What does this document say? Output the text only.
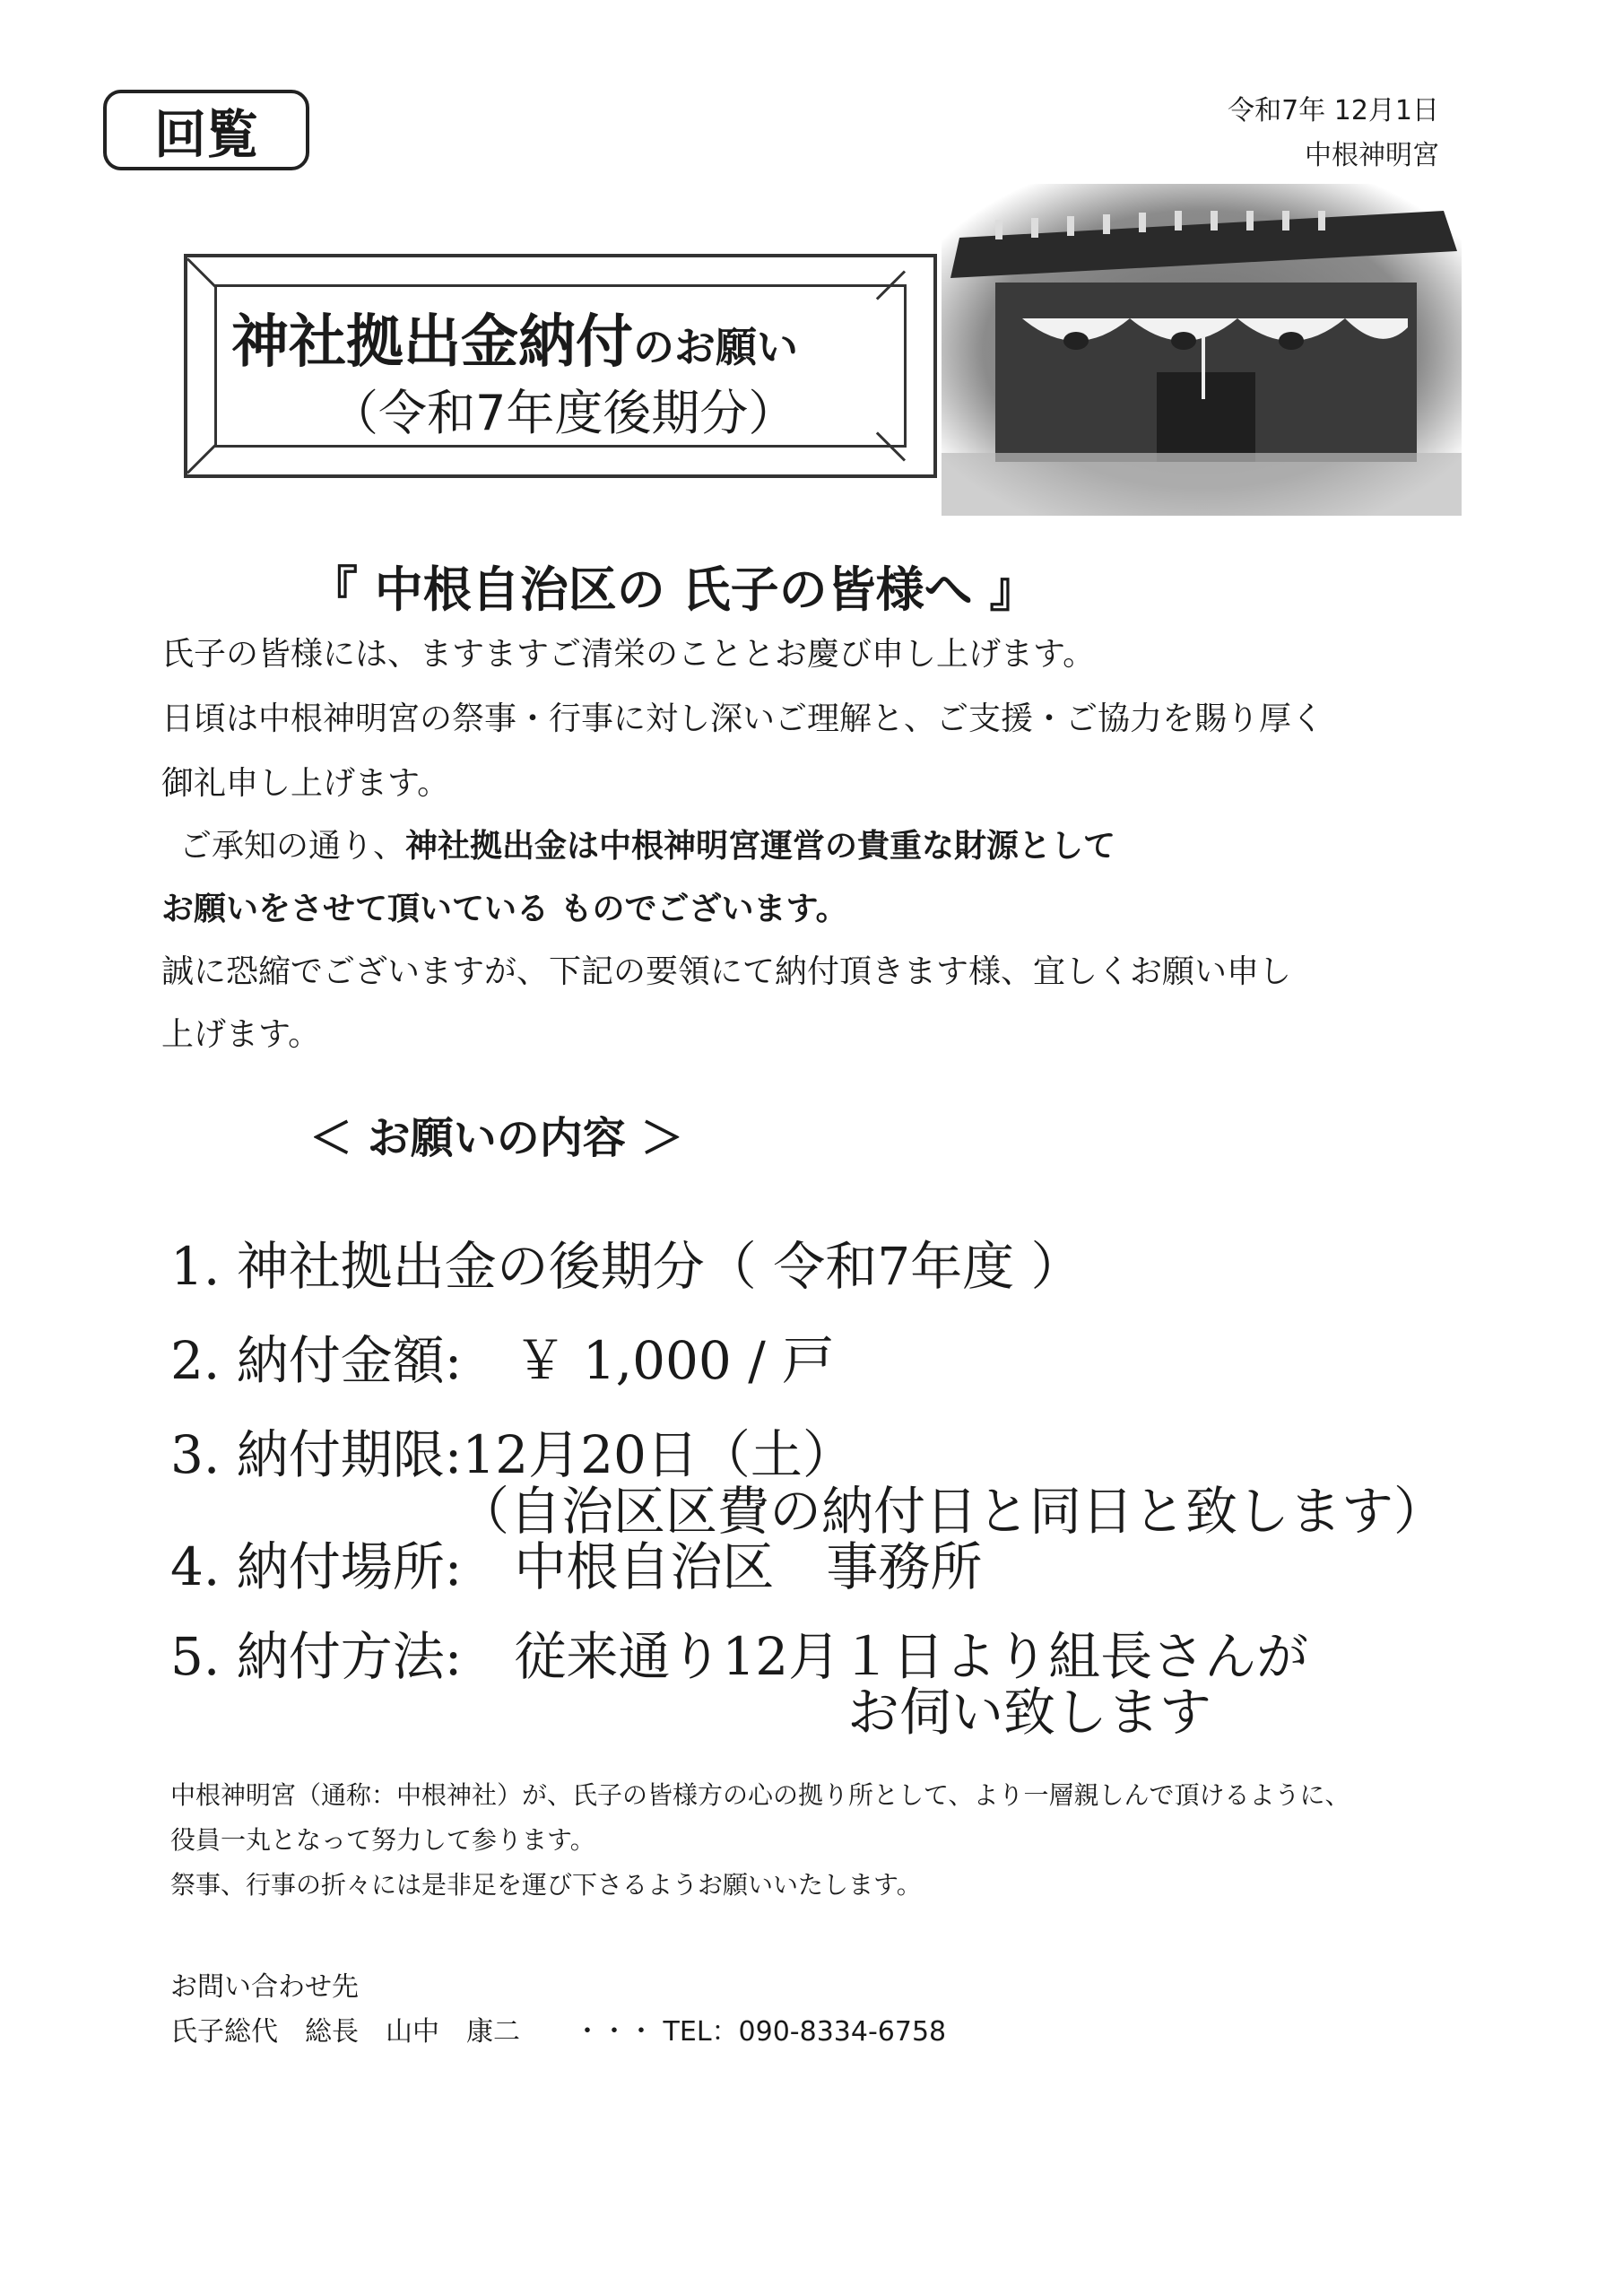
回覧	令和7年 12月1日
中根神明宮
神社拠出金納付のお願い
（令和7年度後期分）
『 中根自治区の 氏子の皆様へ 』
氏子の皆様には、ますますご清栄のこととお慶び申し上げます。
日頃は中根神明宮の祭事・行事に対し深いご理解と、ご支援・ご協力を賜り厚く
御礼申し上げます。
ご承知の通り、神社拠出金は中根神明宮運営の貴重な財源として
お願いをさせて頂いている ものでございます。
誠に恐縮でございますが、下記の要領にて納付頂きます様、宜しくお願い申し
上げます。
＜ お願いの内容 ＞
1. 神社拠出金の後期分（ 令和7年度 ）
2. 納付金額:　￥ 1,000 / 戸
3. 納付期限:12月20日（土）
（自治区区費の納付日と同日と致します）
4. 納付場所:　中根自治区　事務所
5. 納付方法:　従来通り12月１日より組長さんが
お伺い致します
中根神明宮（通称：中根神社）が、氏子の皆様方の心の拠り所として、より一層親しんで頂けるように、
役員一丸となって努力して参ります。
祭事、行事の折々には是非足を運び下さるようお願いいたします。
お問い合わせ先
氏子総代　総長　山中　康二　　・・・ TEL：090-8334-6758
